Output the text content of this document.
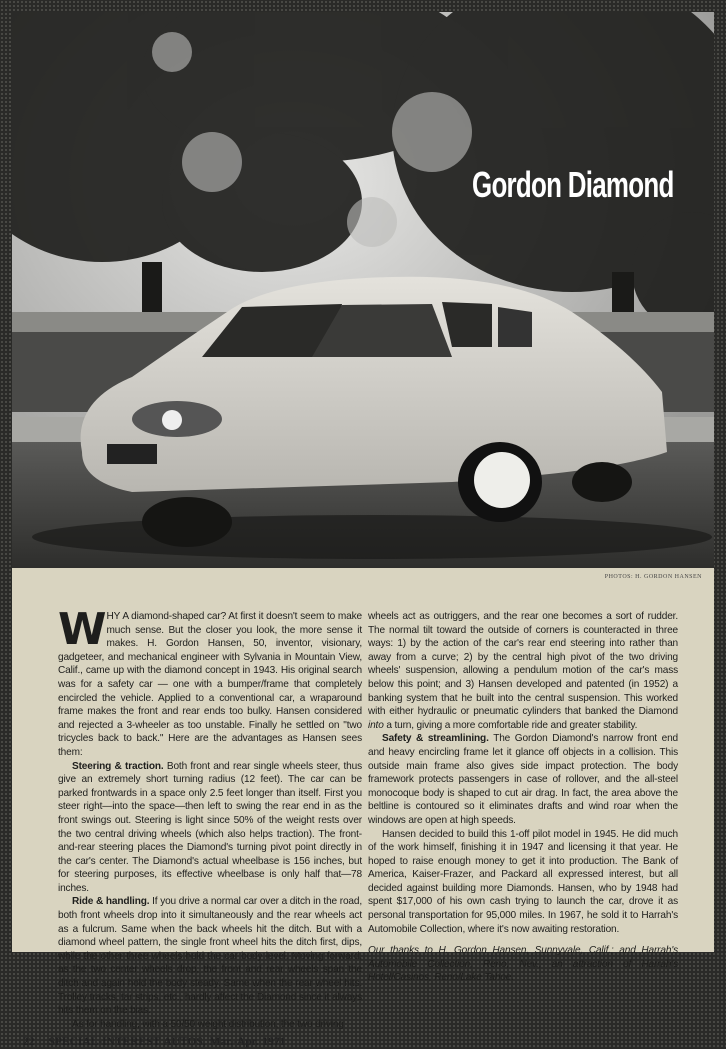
Gordon Diamond
PHOTOS: H. GORDON HANSEN

WHY A diamond-shaped car? At first it doesn't seem to make much sense. But the closer you look, the more sense it makes. H. Gordon Hansen, 50, inventor, visionary, gadgeteer, and mechanical engineer with Sylvania in Mountain View, Calif., came up with the diamond concept in 1943. His original search was for a safety car — one with a bumper/frame that completely encircled the vehicle. Applied to a conventional car, a wraparound frame makes the front and rear ends too bulky. Hansen considered and rejected a 3-wheeler as too unstable. Finally he settled on "two tricycles back to back." Here are the advantages as Hansen sees them:

Steering & traction. Both front and rear single wheels steer, thus give an extremely short turning radius (12 feet). The car can be parked frontwards in a space only 2.5 feet longer than itself. First you steer right—into the space—then left to swing the rear end in as the front swings out. Steering is light since 50% of the weight rests over the two central driving wheels (which also helps traction). The front-and-rear steering places the Diamond's turning pivot point directly in the car's center. The Diamond's actual wheelbase is 156 inches, but for steering purposes, its effective wheelbase is only half that—78 inches.

Ride & handling. If you drive a normal car over a ditch in the road, both front wheels drop into it simultaneously and the rear wheels act as a fulcrum. Same when the back wheels hit the ditch. But with a diamond wheel pattern, the single front wheel hits the ditch first, dips, while the other three wheels hold the car body level. Moving forward, as the two center wheels drop, the front and rear wheels span the ditch and again hold the body steady. Same when the rear wheel hits. Trolley tracks, tar strips, etc., hardly affect the Diamond since it always hits them on the bias.

As for handling, with a 50/50 weight distribution, the two driving

22 SPECIAL-INTEREST AUTOS, Mar.-Apr. 1971

wheels act as outriggers, and the rear one becomes a sort of rudder. The normal tilt toward the outside of corners is counteracted in three ways: 1) by the action of the car's rear end steering into rather than away from a curve; 2) by the central high pivot of the two driving wheels' suspension, allowing a pendulum motion of the car's mass below this point; and 3) Hansen developed and patented (in 1952) a banking system that he built into the central suspension. This worked with either hydraulic or pneumatic cylinders that banked the Diamond into a turn, giving a more comfortable ride and greater stability.

Safety & streamlining. The Gordon Diamond's narrow front end and heavy encircling frame let it glance off objects in a collision. This outside main frame also gives side impact protection. The body framework protects passengers in case of rollover, and the all-steel monocoque body is shaped to cut air drag. In fact, the area above the beltline is contoured so it eliminates drafts and wind roar when the windows are open at high speeds.

Hansen decided to build this 1-off pilot model in 1945. He did much of the work himself, finishing it in 1947 and licensing it that year. He hoped to raise enough money to get it into production. The Bank of America, Kaiser-Frazer, and Packard all expressed interest, but all decided against building more Diamonds. Hansen, who by 1948 had spent $17,000 of his own cash trying to launch the car, drove it as personal transportation for 95,000 miles. In 1967, he sold it to Harrah's Automobile Collection, where it's now awaiting restoration.

Our thanks to H. Gordon Hansen, Sunnyvale, Calif.; and Harrah's Automobile Collection, Reno, Nev., an attraction of Harrah's Hotel/Casinos, Reno/Lake Tahoe.
